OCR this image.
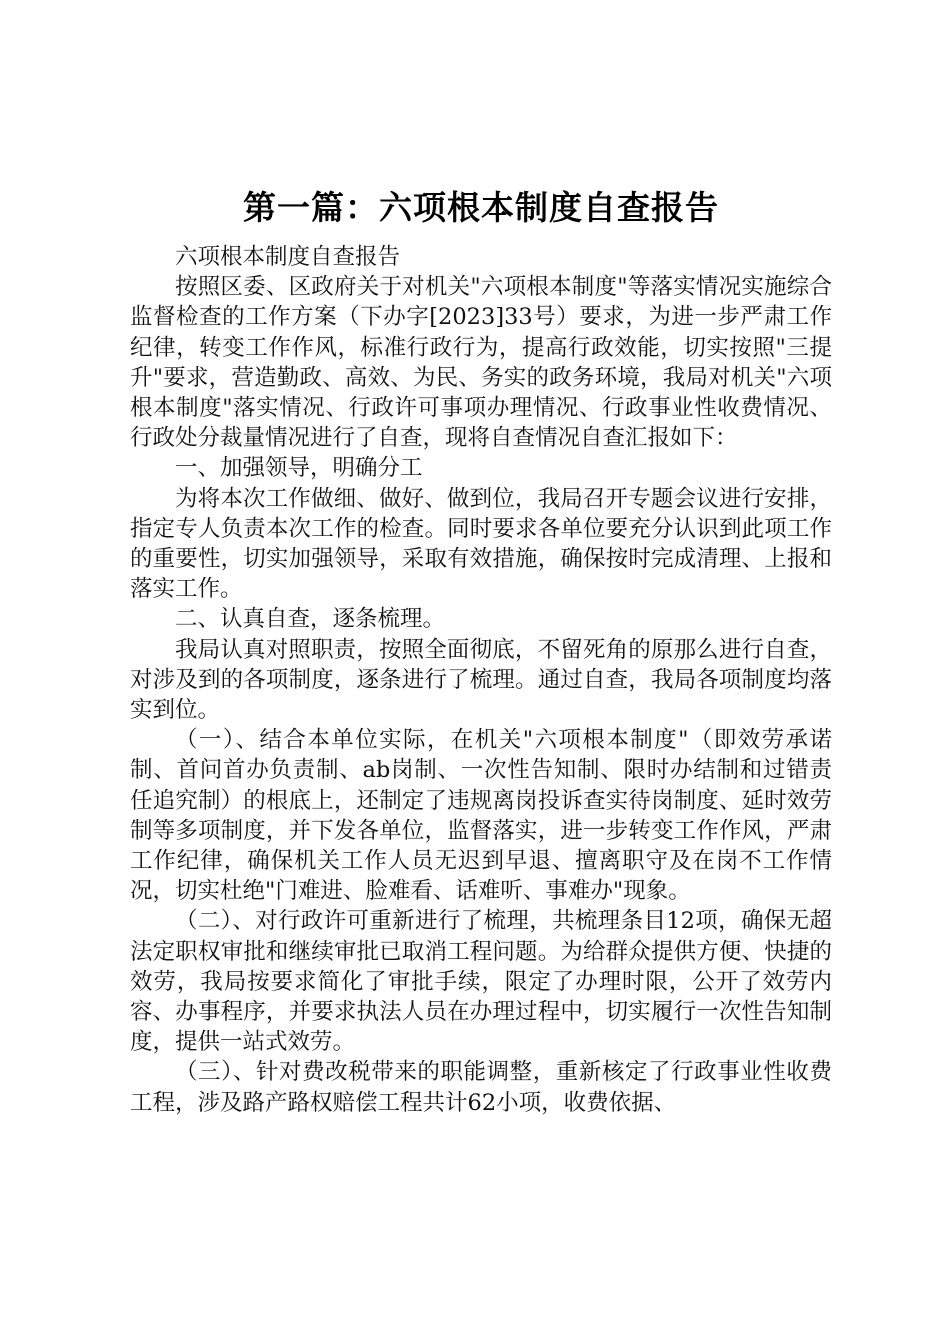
第一篇：六项根本制度自查报告

六项根本制度自查报告

按照区委、区政府关于对机关"六项根本制度"等落实情况实施综合监督检查的工作方案（下办字[2023]33号）要求，为进一步严肃工作纪律，转变工作作风，标准行政行为，提高行政效能，切实按照"三提升"要求，营造勤政、高效、为民、务实的政务环境，我局对机关"六项根本制度"落实情况、行政许可事项办理情况、行政事业性收费情况、行政处分裁量情况进行了自查，现将自查情况自查汇报如下：

一、加强领导，明确分工

为将本次工作做细、做好、做到位，我局召开专题会议进行安排，指定专人负责本次工作的检查。同时要求各单位要充分认识到此项工作的重要性，切实加强领导，采取有效措施，确保按时完成清理、上报和落实工作。

二、认真自查，逐条梳理。

我局认真对照职责，按照全面彻底，不留死角的原那么进行自查，对涉及到的各项制度，逐条进行了梳理。通过自查，我局各项制度均落实到位。

（一）、结合本单位实际，在机关"六项根本制度"（即效劳承诺制、首问首办负责制、ab岗制、一次性告知制、限时办结制和过错责任追究制）的根底上，还制定了违规离岗投诉查实待岗制度、延时效劳制等多项制度，并下发各单位，监督落实，进一步转变工作作风，严肃工作纪律，确保机关工作人员无迟到早退、擅离职守及在岗不工作情况，切实杜绝"门难进、脸难看、话难听、事难办"现象。

（二）、对行政许可重新进行了梳理，共梳理条目12项，确保无超法定职权审批和继续审批已取消工程问题。为给群众提供方便、快捷的效劳，我局按要求简化了审批手续，限定了办理时限，公开了效劳内容、办事程序，并要求执法人员在办理过程中，切实履行一次性告知制度，提供一站式效劳。

（三）、针对费改税带来的职能调整，重新核定了行政事业性收费工程，涉及路产路权赔偿工程共计62小项，收费依据、
